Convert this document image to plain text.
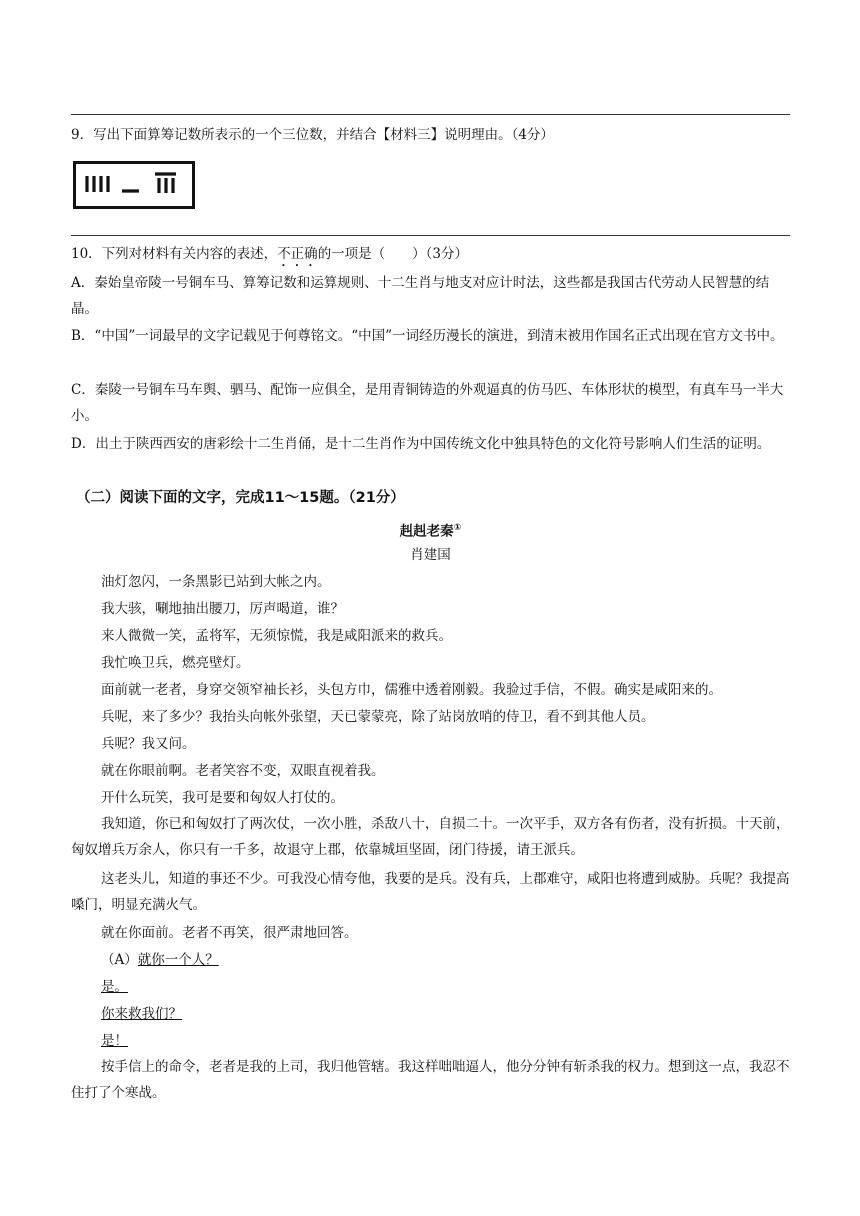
9．写出下面算筹记数所表示的一个三位数，并结合【材料三】说明理由。（4分）
10．下列对材料有关内容的表述，不正确的一项是（　　）（3分）
A．秦始皇帝陵一号铜车马、算筹记数和运算规则、十二生肖与地支对应计时法，这些都是我国古代劳动人民智慧的结晶。
B．“中国”一词最早的文字记载见于何尊铭文。“中国”一词经历漫长的演进，到清末被用作国名正式出现在官方文书中。
C．秦陵一号铜车马车舆、驷马、配饰一应俱全，是用青铜铸造的外观逼真的仿马匹、车体形状的模型，有真车马一半大小。
D．出土于陕西西安的唐彩绘十二生肖俑，是十二生肖作为中国传统文化中独具特色的文化符号影响人们生活的证明。
（二）阅读下面的文字，完成11～15题。（21分）
赳赳老秦①
肖建国
油灯忽闪，一条黑影已站到大帐之内。
我大骇，唰地抽出腰刀，厉声喝道，谁？
来人微微一笑，孟将军，无须惊慌，我是咸阳派来的救兵。
我忙唤卫兵，燃亮壁灯。
面前就一老者，身穿交领窄袖长衫，头包方巾，儒雅中透着刚毅。我验过手信，不假。确实是咸阳来的。
兵呢，来了多少？我抬头向帐外张望，天已蒙蒙亮，除了站岗放哨的侍卫，看不到其他人员。
兵呢？我又问。
就在你眼前啊。老者笑容不变，双眼直视着我。
开什么玩笑，我可是要和匈奴人打仗的。
我知道，你已和匈奴打了两次仗，一次小胜，杀敌八十，自损二十。一次平手，双方各有伤者，没有折损。十天前，匈奴增兵万余人，你只有一千多，故退守上郡，依靠城垣坚固，闭门待援，请王派兵。
这老头儿，知道的事还不少。可我没心情夸他，我要的是兵。没有兵，上郡难守，咸阳也将遭到威胁。兵呢？我提高嗓门，明显充满火气。
就在你面前。老者不再笑，很严肃地回答。
（A）就你一个人？
是。
你来救我们？
是！
按手信上的命令，老者是我的上司，我归他管辖。我这样咄咄逼人，他分分钟有斩杀我的权力。想到这一点，我忍不住打了个寒战。
